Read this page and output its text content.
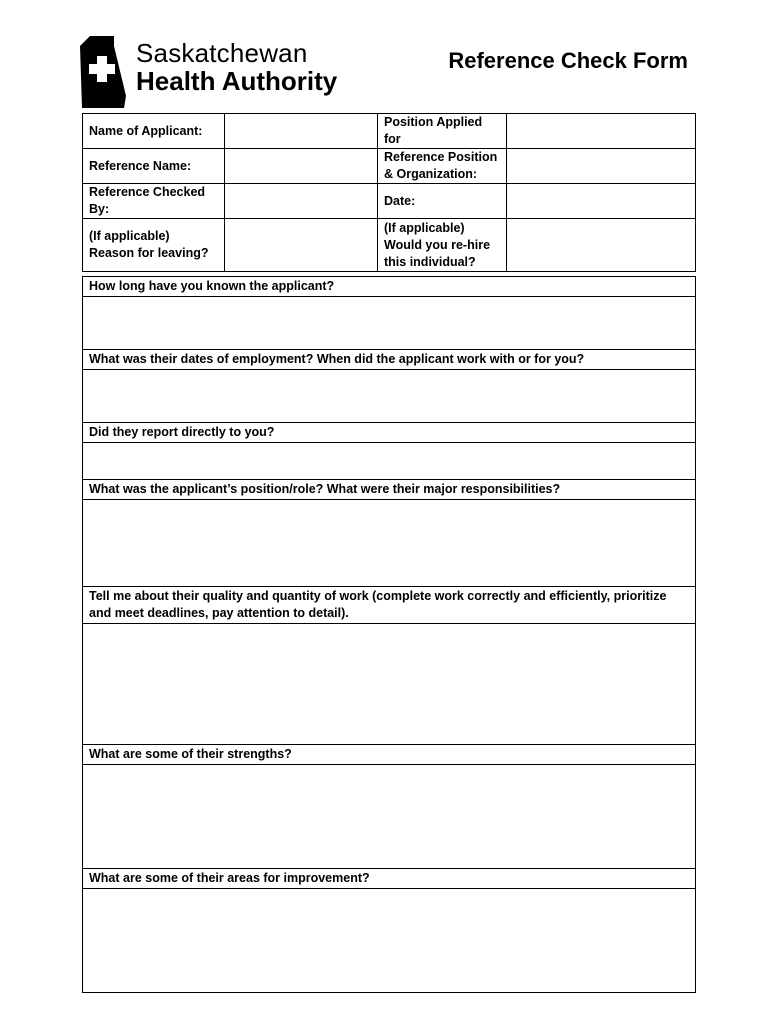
Saskatchewan
Health Authority
Reference Check Form
Name of Applicant:		Position Applied for	

Reference Name:		Reference Position & Organization:	

Reference Checked By:		Date:	

(If applicable) Reason for leaving?		(If applicable) Would you re-hire this individual?	
How long have you known the applicant?

What was their dates of employment? When did the applicant work with or for you?

Did they report directly to you?

What was the applicant’s position/role? What were their major responsibilities?

Tell me about their quality and quantity of work (complete work correctly and efficiently, prioritize and meet deadlines, pay attention to detail).

What are some of their strengths?

What are some of their areas for improvement?
